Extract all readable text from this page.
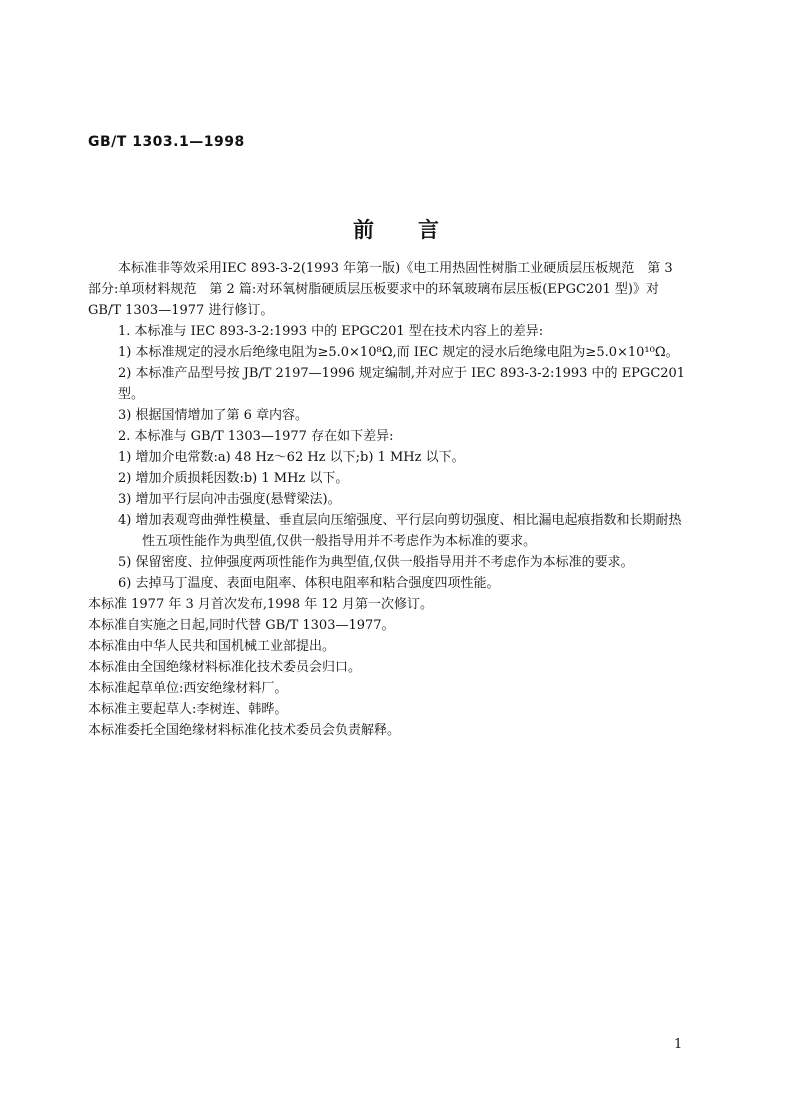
GB/T 1303.1—1998
前言
本标准非等效采用IEC 893-3-2(1993 年第一版)《电工用热固性树脂工业硬质层压板规范　第 3
部分:单项材料规范　第 2 篇:对环氧树脂硬质层压板要求中的环氧玻璃布层压板(EPGC201 型)》对
GB/T 1303—1977 进行修订。
1. 本标准与 IEC 893-3-2:1993 中的 EPGC201 型在技术内容上的差异:
1) 本标准规定的浸水后绝缘电阻为≥5.0×10⁸Ω,而 IEC 规定的浸水后绝缘电阻为≥5.0×10¹⁰Ω。
2) 本标准产品型号按 JB/T 2197—1996 规定编制,并对应于 IEC 893-3-2:1993 中的 EPGC201 型。
3) 根据国情增加了第 6 章内容。
2. 本标准与 GB/T 1303—1977 存在如下差异:
1) 增加介电常数:a) 48 Hz～62 Hz 以下;b) 1 MHz 以下。
2) 增加介质损耗因数:b) 1 MHz 以下。
3) 增加平行层向冲击强度(悬臂梁法)。
4) 增加表观弯曲弹性模量、垂直层向压缩强度、平行层向剪切强度、相比漏电起痕指数和长期耐热
性五项性能作为典型值,仅供一般指导用并不考虑作为本标准的要求。
5) 保留密度、拉伸强度两项性能作为典型值,仅供一般指导用并不考虑作为本标准的要求。
6) 去掉马丁温度、表面电阻率、体积电阻率和粘合强度四项性能。
本标准 1977 年 3 月首次发布,1998 年 12 月第一次修订。
本标准自实施之日起,同时代替 GB/T 1303—1977。
本标准由中华人民共和国机械工业部提出。
本标准由全国绝缘材料标准化技术委员会归口。
本标准起草单位:西安绝缘材料厂。
本标准主要起草人:李树连、韩晔。
本标准委托全国绝缘材料标准化技术委员会负责解释。
1
